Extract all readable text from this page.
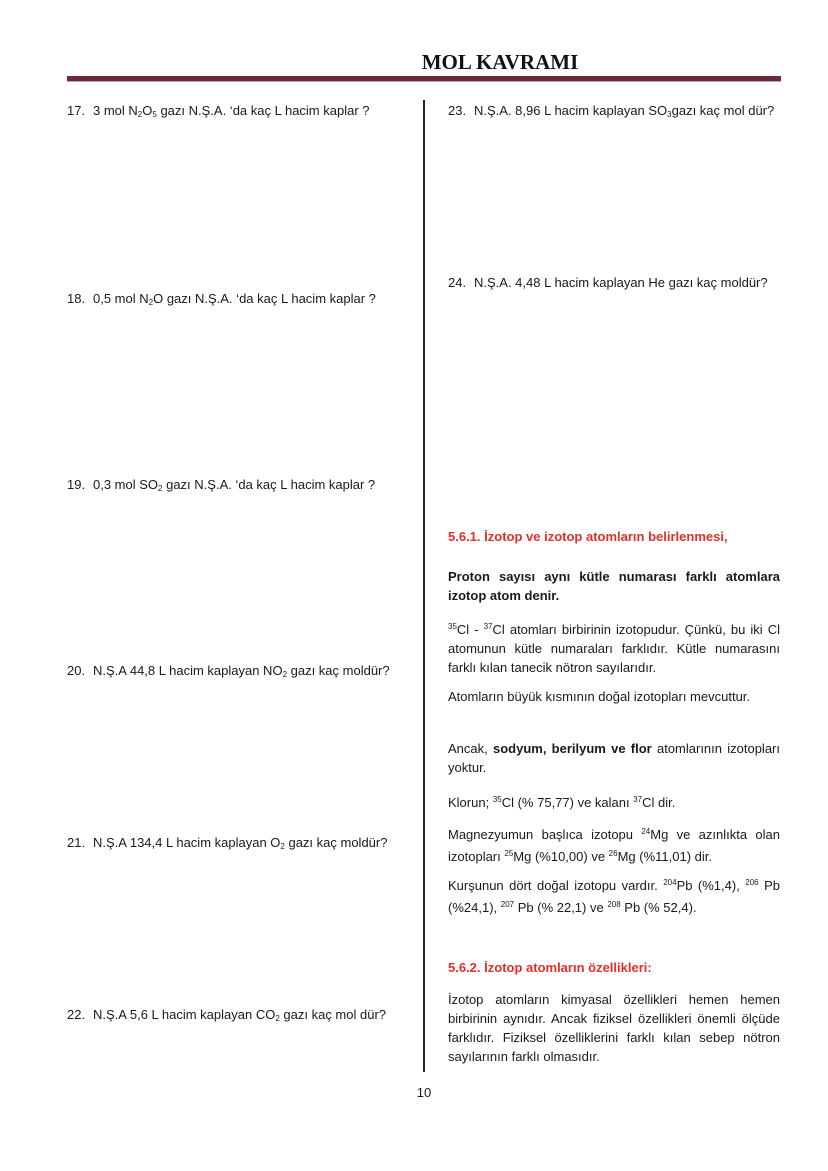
MOL KAVRAMI
17. 3 mol $N_2O_5$ gazı N.Ş.A. ‘da kaç L hacim kaplar ?
18. 0,5 mol $N_2O$ gazı N.Ş.A. ‘da kaç L hacim kaplar ?
19. 0,3 mol $SO_2$ gazı N.Ş.A. ‘da kaç L hacim kaplar ?
20. N.Ş.A 44,8 L hacim kaplayan $NO_2$ gazı kaç moldür?
21. N.Ş.A 134,4 L hacim kaplayan $O_2$ gazı kaç moldür?
22. N.Ş.A 5,6 L hacim kaplayan $CO_2$ gazı kaç mol dür?
23. N.Ş.A. 8,96 L hacim kaplayan $SO_3gazı$ kaç mol dür?
24. N.Ş.A. 4,48 L hacim kaplayan He gazı kaç moldür?
5.6.1. İzotop ve izotop atomların belirlenmesi,
Proton sayısı aynı kütle numarası farklı atomlara izotop atom denir.
$^{35}$Cl - $^{37}$Cl atomları birbirinin izotopudur. Çünkü, bu iki Cl atomunun kütle numaraları farklıdır. Kütle numarasını farklı kılan tanecik nötron sayılarıdır.
Atomların büyük kısmının doğal izotopları mevcuttur.
Ancak, sodyum, berilyum ve flor atomlarının izotopları yoktur.
Klorun; $^{35}$Cl (% 75,77) ve kalanı $^{37}$Cl dir.
Magnezyumun başlıca izotopu $^{24}$Mg ve azınlıkta olan izotopları $^{25}$Mg (%10,00) ve $^{26}$Mg (%11,01) dir.
Kurşunun dört doğal izotopu vardır. $^{204}$Pb (%1,4), $^{206}$ Pb (%24,1), $^{207}$ Pb (% 22,1) ve $^{208}$ Pb (% 52,4).
5.6.2. İzotop atomların özellikleri:
İzotop atomların kimyasal özellikleri hemen hemen birbirinin aynıdır. Ancak fiziksel özellikleri önemli ölçüde farklıdır. Fiziksel özelliklerini farklı kılan sebep nötron sayılarının farklı olmasıdır.
10
